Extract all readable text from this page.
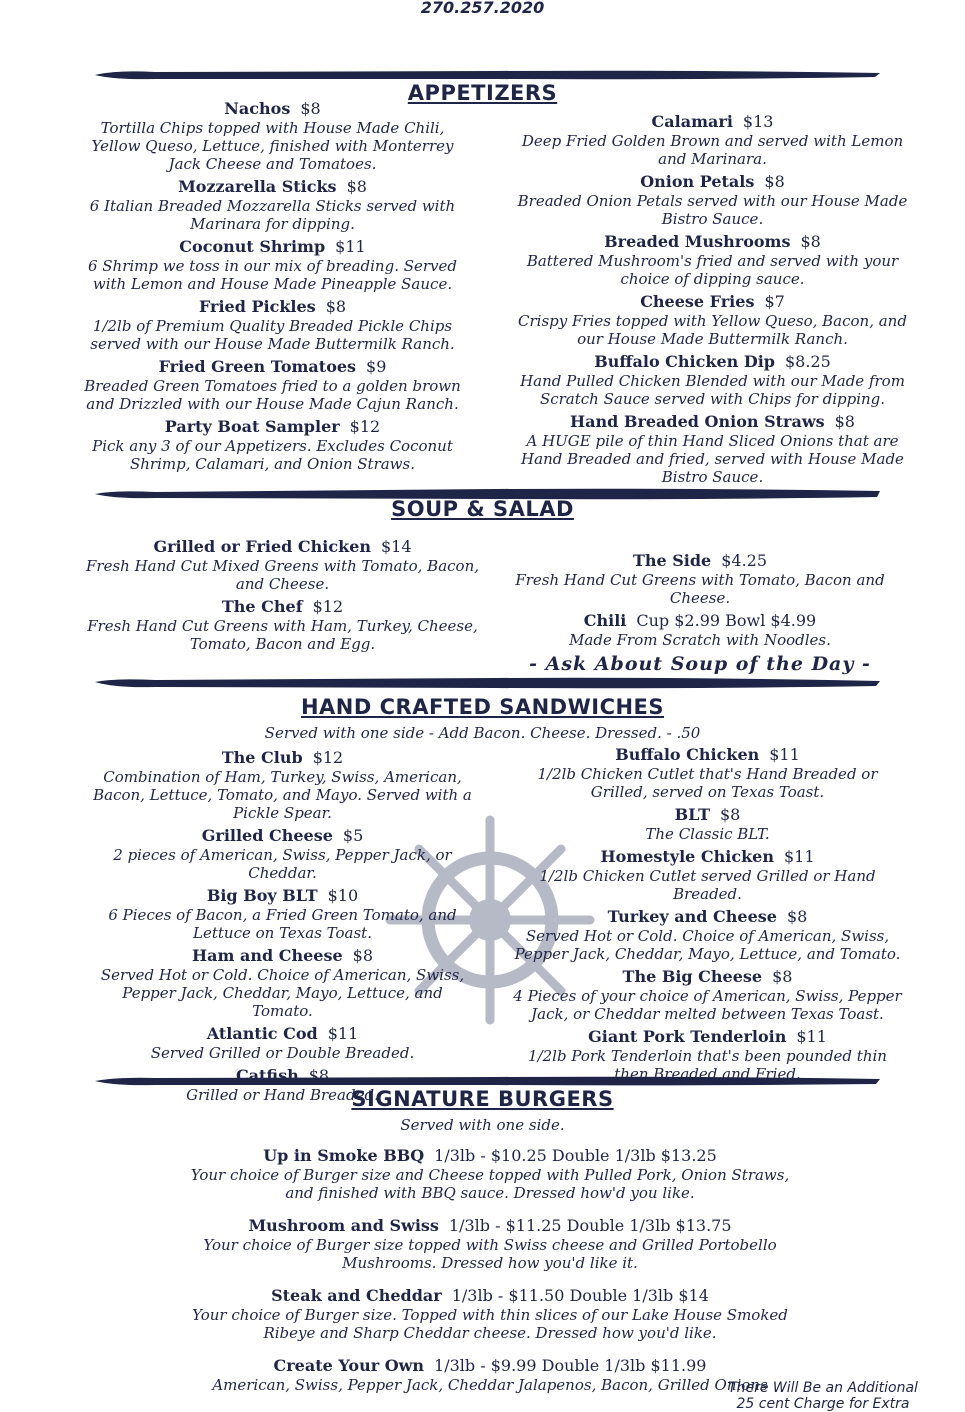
270.257.2020
APPETIZERS
Nachos $8
Tortilla Chips topped with House Made Chili, Yellow Queso, Lettuce, finished with Monterrey Jack Cheese and Tomatoes.
Mozzarella Sticks $8
6 Italian Breaded Mozzarella Sticks served with Marinara for dipping.
Coconut Shrimp $11
6 Shrimp we toss in our mix of breading. Served with Lemon and House Made Pineapple Sauce.
Fried Pickles $8
1/2lb of Premium Quality Breaded Pickle Chips served with our House Made Buttermilk Ranch.
Fried Green Tomatoes $9
Breaded Green Tomatoes fried to a golden brown and Drizzled with our House Made Cajun Ranch.
Party Boat Sampler $12
Pick any 3 of our Appetizers. Excludes Coconut Shrimp, Calamari, and Onion Straws.
Calamari $13
Deep Fried Golden Brown and served with Lemon and Marinara.
Onion Petals $8
Breaded Onion Petals served with our House Made Bistro Sauce.
Breaded Mushrooms $8
Battered Mushroom's fried and served with your choice of dipping sauce.
Cheese Fries $7
Crispy Fries topped with Yellow Queso, Bacon, and our House Made Buttermilk Ranch.
Buffalo Chicken Dip $8.25
Hand Pulled Chicken Blended with our Made from Scratch Sauce served with Chips for dipping.
Hand Breaded Onion Straws $8
A HUGE pile of thin Hand Sliced Onions that are Hand Breaded and fried, served with House Made Bistro Sauce.
SOUP & SALAD
Grilled or Fried Chicken $14
Fresh Hand Cut Mixed Greens with Tomato, Bacon, and Cheese.
The Chef $12
Fresh Hand Cut Greens with Ham, Turkey, Cheese, Tomato, Bacon and Egg.
The Side $4.25
Fresh Hand Cut Greens with Tomato, Bacon and Cheese.
Chili Cup $2.99 Bowl $4.99
Made From Scratch with Noodles.
- Ask About Soup of the Day -
HAND CRAFTED SANDWICHES
Served with one side - Add Bacon. Cheese. Dressed. - .50
The Club $12
Combination of Ham, Turkey, Swiss, American, Bacon, Lettuce, Tomato, and Mayo. Served with a Pickle Spear.
Grilled Cheese $5
2 pieces of American, Swiss, Pepper Jack, or Cheddar.
Big Boy BLT $10
6 Pieces of Bacon, a Fried Green Tomato, and Lettuce on Texas Toast.
Ham and Cheese $8
Served Hot or Cold. Choice of American, Swiss, Pepper Jack, Cheddar, Mayo, Lettuce, and Tomato.
Atlantic Cod $11
Served Grilled or Double Breaded.
Catfish $8
Grilled or Hand Breaded.
Buffalo Chicken $11
1/2lb Chicken Cutlet that's Hand Breaded or Grilled, served on Texas Toast.
BLT $8
The Classic BLT.
Homestyle Chicken $11
1/2lb Chicken Cutlet served Grilled or Hand Breaded.
Turkey and Cheese $8
Served Hot or Cold. Choice of American, Swiss, Pepper Jack, Cheddar, Mayo, Lettuce, and Tomato.
The Big Cheese $8
4 Pieces of your choice of American, Swiss, Pepper Jack, or Cheddar melted between Texas Toast.
Giant Pork Tenderloin $11
1/2lb Pork Tenderloin that's been pounded thin then Breaded and Fried.
SIGNATURE BURGERS
Served with one side.
Up in Smoke BBQ 1/3lb - $10.25 Double 1/3lb $13.25
Your choice of Burger size and Cheese topped with Pulled Pork, Onion Straws, and finished with BBQ sauce. Dressed how'd you like.
Mushroom and Swiss 1/3lb - $11.25 Double 1/3lb $13.75
Your choice of Burger size topped with Swiss cheese and Grilled Portobello Mushrooms. Dressed how you'd like it.
Steak and Cheddar 1/3lb - $11.50 Double 1/3lb $14
Your choice of Burger size. Topped with thin slices of our Lake House Smoked Ribeye and Sharp Cheddar cheese. Dressed how you'd like.
Create Your Own 1/3lb - $9.99 Double 1/3lb $11.99
American, Swiss, Pepper Jack, Cheddar Jalapenos, Bacon, Grilled Onions
There Will Be an Additional 25 cent Charge for Extra
